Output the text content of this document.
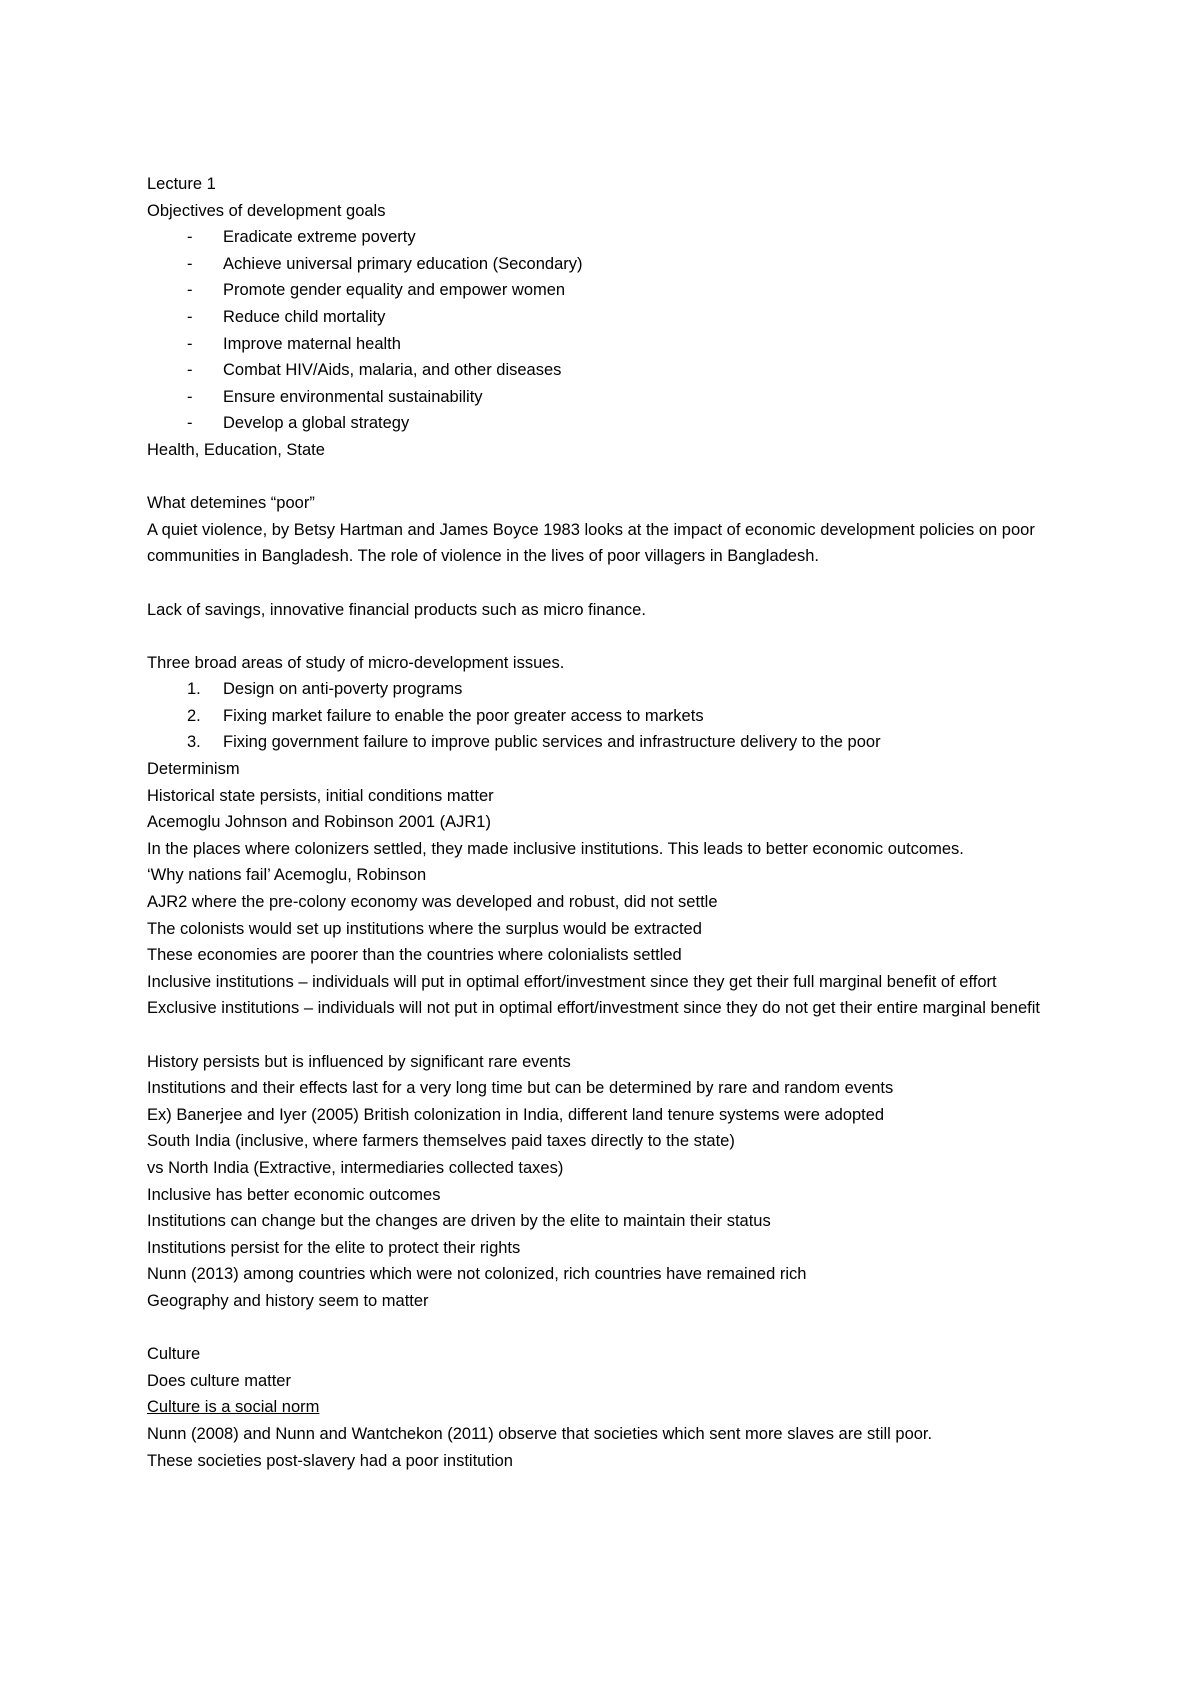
Lecture 1
Objectives of development goals
- Eradicate extreme poverty
- Achieve universal primary education (Secondary)
- Promote gender equality and empower women
- Reduce child mortality
- Improve maternal health
- Combat HIV/Aids, malaria, and other diseases
- Ensure environmental sustainability
- Develop a global strategy
Health, Education, State
What detemines “poor”
A quiet violence, by Betsy Hartman and James Boyce 1983 looks at the impact of economic development policies on poor communities in Bangladesh. The role of violence in the lives of poor villagers in Bangladesh.
Lack of savings, innovative financial products such as micro finance.
Three broad areas of study of micro-development issues.
1. Design on anti-poverty programs
2. Fixing market failure to enable the poor greater access to markets
3. Fixing government failure to improve public services and infrastructure delivery to the poor
Determinism
Historical state persists, initial conditions matter
Acemoglu Johnson and Robinson 2001 (AJR1)
In the places where colonizers settled, they made inclusive institutions. This leads to better economic outcomes.
‘Why nations fail’ Acemoglu, Robinson
AJR2 where the pre-colony economy was developed and robust, did not settle
The colonists would set up institutions where the surplus would be extracted
These economies are poorer than the countries where colonialists settled
Inclusive institutions – individuals will put in optimal effort/investment since they get their full marginal benefit of effort
Exclusive institutions – individuals will not put in optimal effort/investment since they do not get their entire marginal benefit
History persists but is influenced by significant rare events
Institutions and their effects last for a very long time but can be determined by rare and random events
Ex) Banerjee and Iyer (2005) British colonization in India, different land tenure systems were adopted
South India (inclusive, where farmers themselves paid taxes directly to the state)
vs North India (Extractive, intermediaries collected taxes)
Inclusive has better economic outcomes
Institutions can change but the changes are driven by the elite to maintain their status
Institutions persist for the elite to protect their rights
Nunn (2013) among countries which were not colonized, rich countries have remained rich
Geography and history seem to matter
Culture
Does culture matter
Culture is a social norm
Nunn (2008) and Nunn and Wantchekon (2011) observe that societies which sent more slaves are still poor.
These societies post-slavery had a poor institution
